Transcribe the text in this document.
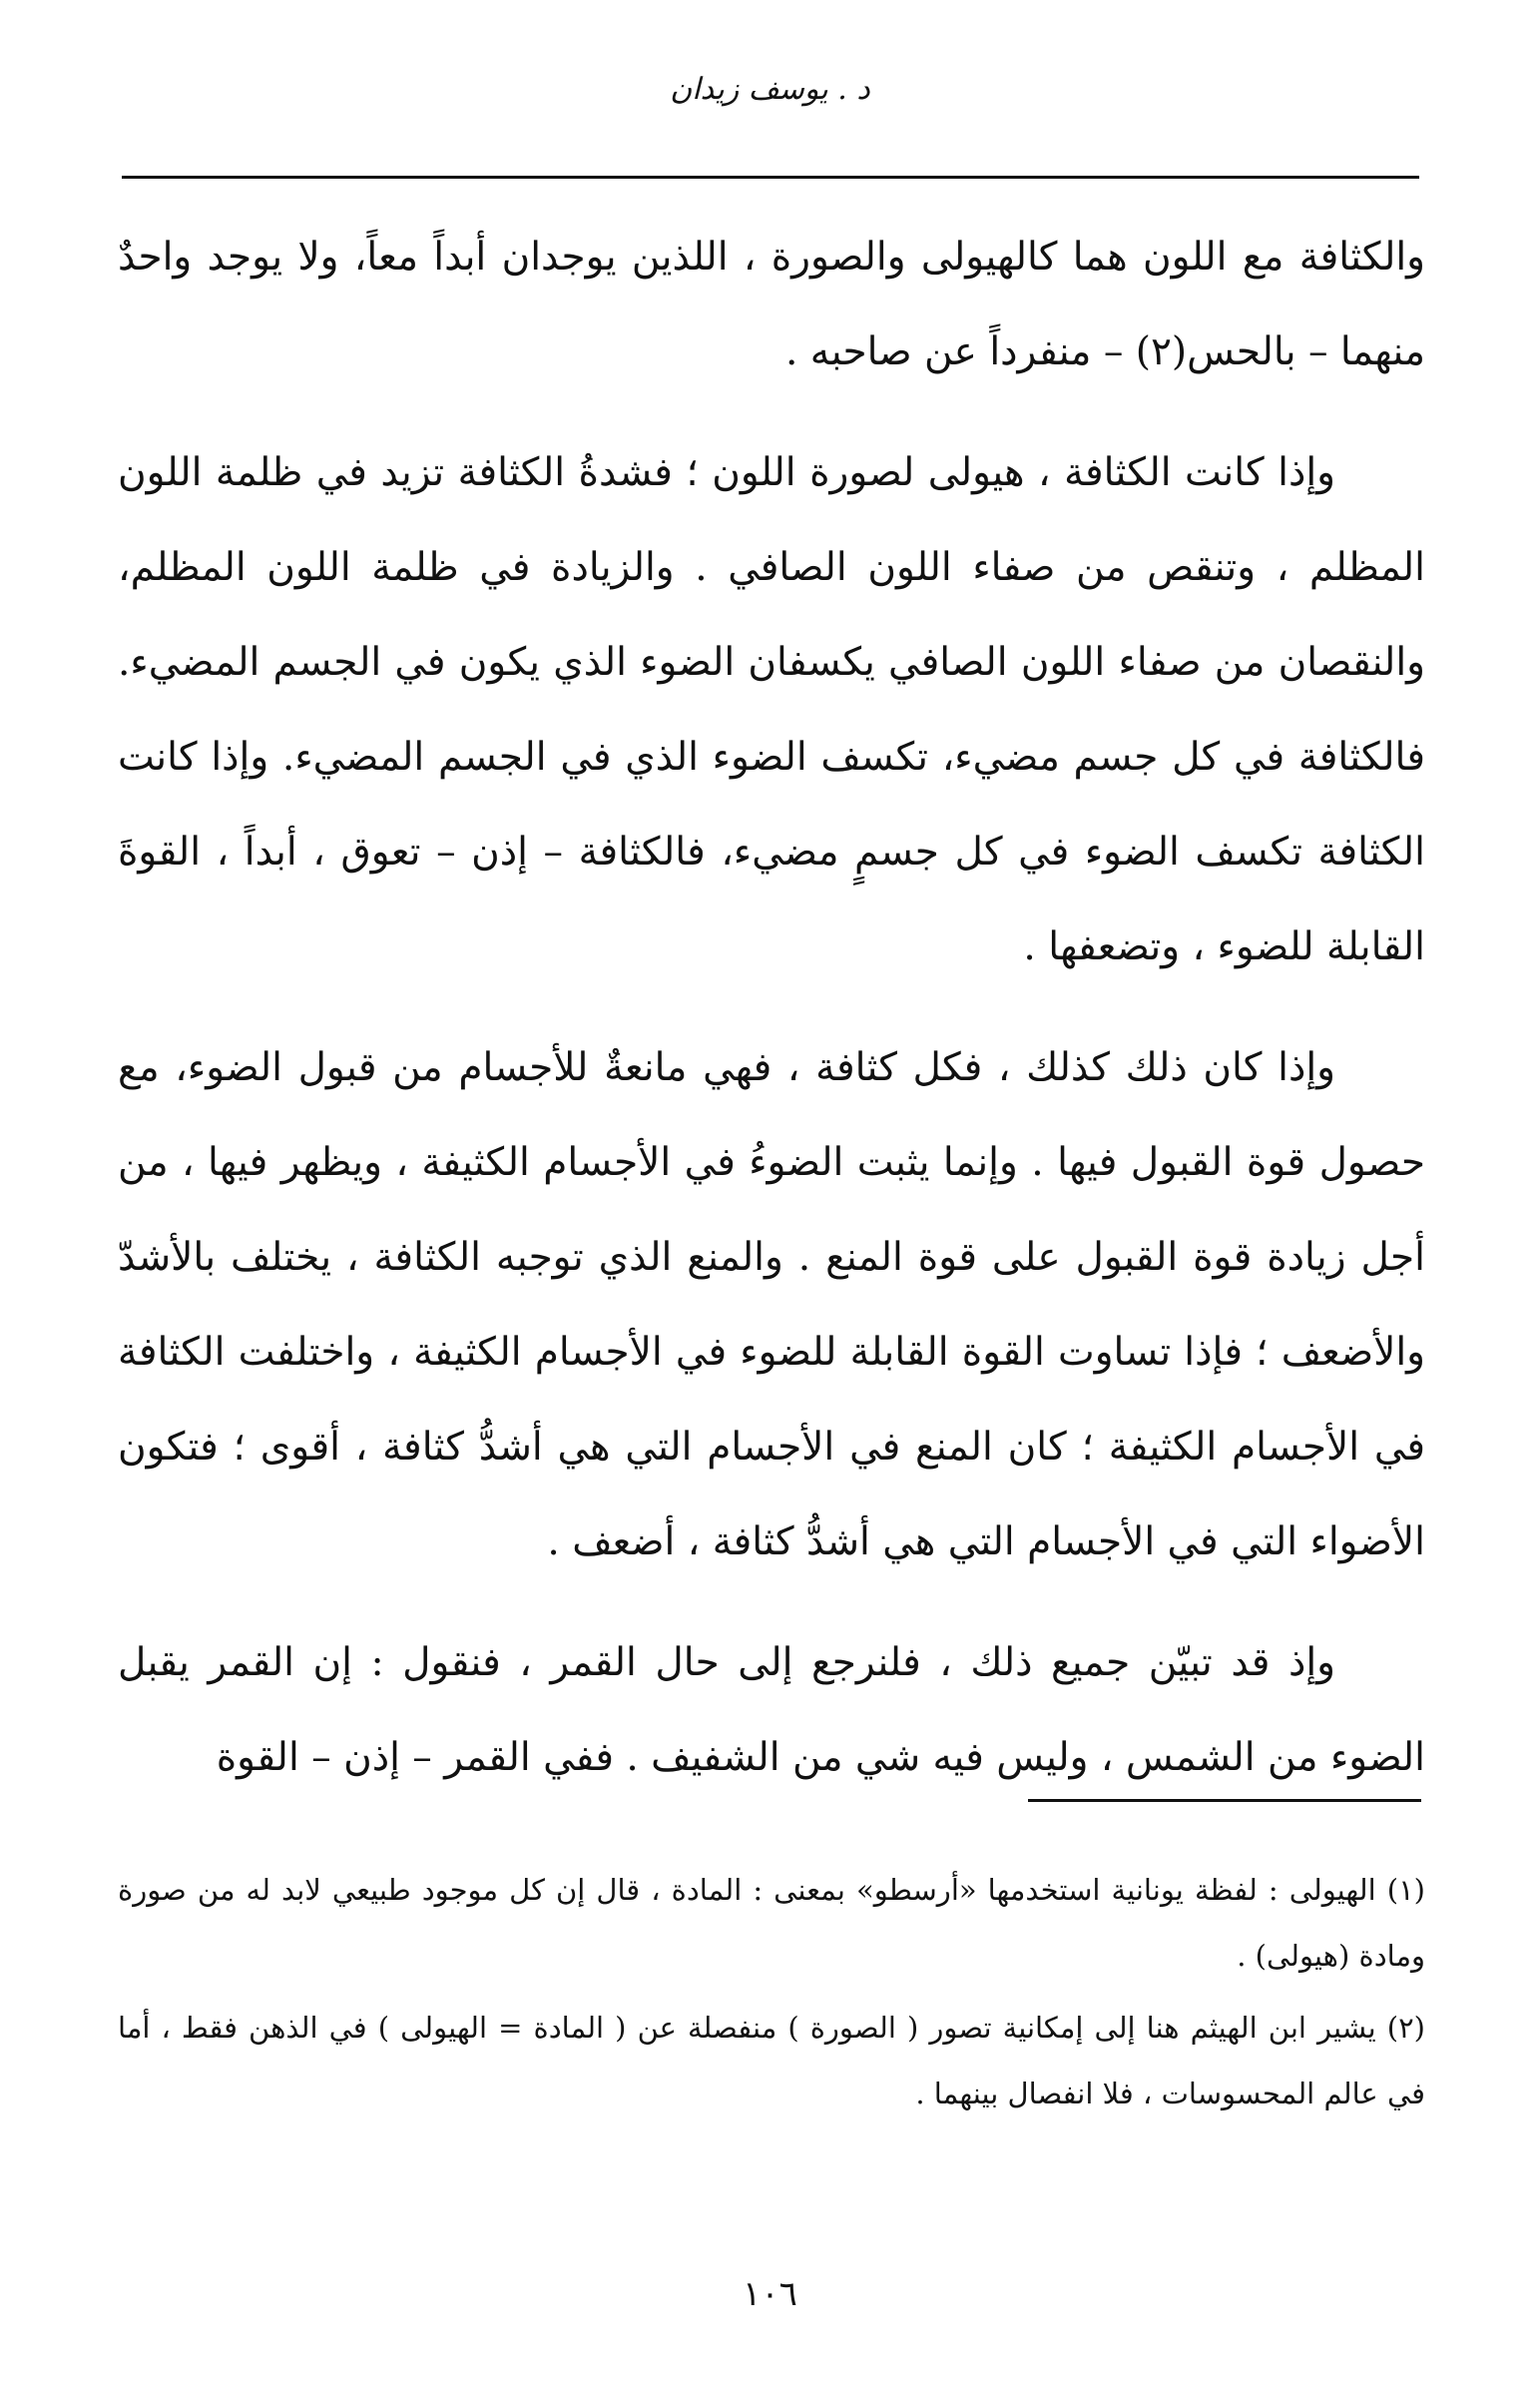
د . يوسف زيدان

والكثافة مع اللون هما كالهيولى والصورة ، اللذين يوجدان أبداً معاً، ولا يوجد واحدٌ منهما – بالحس(٢) – منفرداً عن صاحبه .

وإذا كانت الكثافة ، هيولى لصورة اللون ؛ فشدةُ الكثافة تزيد في ظلمة اللون المظلم ، وتنقص من صفاء اللون الصافي . والزيادة في ظلمة اللون المظلم، والنقصان من صفاء اللون الصافي يكسفان الضوء الذي يكون في الجسم المضيء. فالكثافة في كل جسم مضيء، تكسف الضوء الذي في الجسم المضيء. وإذا كانت الكثافة تكسف الضوء في كل جسمٍ مضيء، فالكثافة – إذن – تعوق ، أبداً ، القوةَ القابلة للضوء ، وتضعفها .

وإذا كان ذلك كذلك ، فكل كثافة ، فهي مانعةٌ للأجسام من قبول الضوء، مع حصول قوة القبول فيها . وإنما يثبت الضوءُ في الأجسام الكثيفة ، ويظهر فيها ، من أجل زيادة قوة القبول على قوة المنع . والمنع الذي توجبه الكثافة ، يختلف بالأشدّ والأضعف ؛ فإذا تساوت القوة القابلة للضوء في الأجسام الكثيفة ، واختلفت الكثافة في الأجسام الكثيفة ؛ كان المنع في الأجسام التي هي أشدُّ كثافة ، أقوى ؛ فتكون الأضواء التي في الأجسام التي هي أشدُّ كثافة ، أضعف .

وإذ قد تبيّن جميع ذلك ، فلنرجع إلى حال القمر ، فنقول : إن القمر يقبل الضوء من الشمس ، وليس فيه شي من الشفيف . ففي القمر – إذن – القوة

(١) الهيولى : لفظة يونانية استخدمها «أرسطو» بمعنى : المادة ، قال إن كل موجود طبيعي لابد له من صورة ومادة (هيولى) .

(٢) يشير ابن الهيثم هنا إلى إمكانية تصور ( الصورة ) منفصلة عن ( المادة = الهيولى ) في الذهن فقط ، أما في عالم المحسوسات ، فلا انفصال بينهما .

١٠٦
